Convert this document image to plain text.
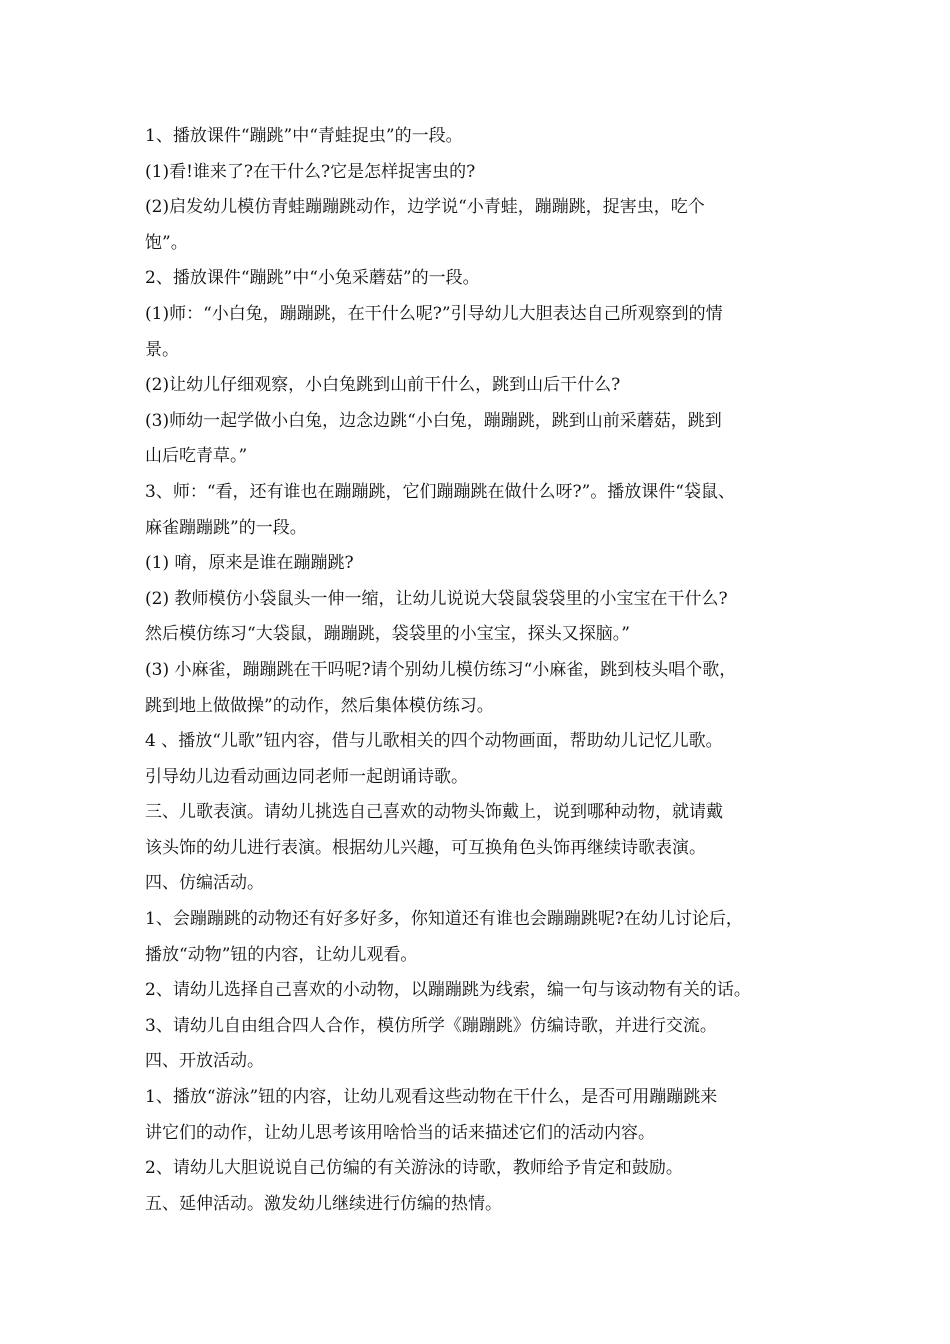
1、播放课件“蹦跳”中“青蛙捉虫”的一段。

(1)看!谁来了?在干什么?它是怎样捉害虫的?

(2)启发幼儿模仿青蛙蹦蹦跳动作，边学说“小青蛙，蹦蹦跳，捉害虫，吃个

饱”。

2、播放课件“蹦跳”中“小兔采蘑菇”的一段。

(1)师：“小白兔，蹦蹦跳，在干什么呢?”引导幼儿大胆表达自己所观察到的情

景。

(2)让幼儿仔细观察，小白兔跳到山前干什么，跳到山后干什么?

(3)师幼一起学做小白兔，边念边跳“小白兔，蹦蹦跳，跳到山前采蘑菇，跳到

山后吃青草。”

3、师：“看，还有谁也在蹦蹦跳，它们蹦蹦跳在做什么呀?”。播放课件“袋鼠、

麻雀蹦蹦跳”的一段。

(1) 唷，原来是谁在蹦蹦跳?

(2) 教师模仿小袋鼠头一伸一缩，让幼儿说说大袋鼠袋袋里的小宝宝在干什么?

然后模仿练习“大袋鼠，蹦蹦跳，袋袋里的小宝宝，探头又探脑。”

(3) 小麻雀，蹦蹦跳在干吗呢?请个别幼儿模仿练习“小麻雀，跳到枝头唱个歌，

跳到地上做做操”的动作，然后集体模仿练习。

4 、播放“儿歌”钮内容，借与儿歌相关的四个动物画面，帮助幼儿记忆儿歌。

引导幼儿边看动画边同老师一起朗诵诗歌。

三、儿歌表演。请幼儿挑选自己喜欢的动物头饰戴上，说到哪种动物，就请戴

该头饰的幼儿进行表演。根据幼儿兴趣，可互换角色头饰再继续诗歌表演。

四、仿编活动。

1、会蹦蹦跳的动物还有好多好多，你知道还有谁也会蹦蹦跳呢?在幼儿讨论后，

播放“动物”钮的内容，让幼儿观看。

2、请幼儿选择自己喜欢的小动物，以蹦蹦跳为线索，编一句与该动物有关的话。

3、请幼儿自由组合四人合作，模仿所学《蹦蹦跳》仿编诗歌，并进行交流。

四、开放活动。

1、播放“游泳”钮的内容，让幼儿观看这些动物在干什么，是否可用蹦蹦跳来

讲它们的动作，让幼儿思考该用啥恰当的话来描述它们的活动内容。

2、请幼儿大胆说说自己仿编的有关游泳的诗歌，教师给予肯定和鼓励。

五、延伸活动。激发幼儿继续进行仿编的热情。
